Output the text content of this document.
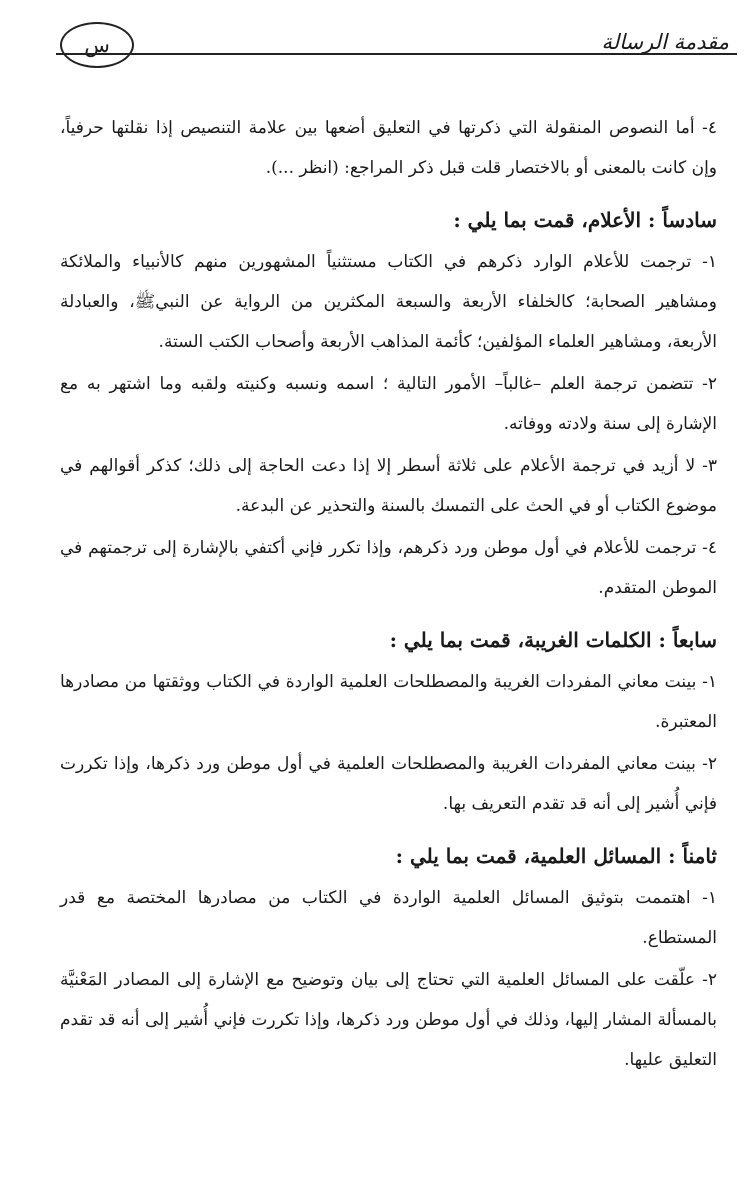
س	مقدمة الرسالة

٤- أما النصوص المنقولة التي ذكرتها في التعليق أضعها بين علامة التنصيص إذا نقلتها حرفياً، وإن كانت بالمعنى أو بالاختصار قلت قبل ذكر المراجع: (انظر ...).

سادساً : الأعلام، قمت بما يلي :

١- ترجمت للأعلام الوارد ذكرهم في الكتاب مستثنياً المشهورين منهم كالأنبياء والملائكة ومشاهير الصحابة؛ كالخلفاء الأربعة والسبعة المكثرين من الرواية عن النبيﷺ، والعبادلة الأربعة، ومشاهير العلماء المؤلفين؛ كأئمة المذاهب الأربعة وأصحاب الكتب الستة.

٢- تتضمن ترجمة العلم –غالباً– الأمور التالية ؛ اسمه ونسبه وكنيته ولقبه وما اشتهر به مع الإشارة إلى سنة ولادته ووفاته.

٣- لا أزيد في ترجمة الأعلام على ثلاثة أسطر إلا إذا دعت الحاجة إلى ذلك؛ كذكر أقوالهم في موضوع الكتاب أو في الحث على التمسك بالسنة والتحذير عن البدعة.

٤- ترجمت للأعلام في أول موطن ورد ذكرهم، وإذا تكرر فإني أكتفي بالإشارة إلى ترجمتهم في الموطن المتقدم.

سابعاً : الكلمات الغريبة، قمت بما يلي :

١- بينت معاني المفردات الغريبة والمصطلحات العلمية الواردة في الكتاب ووثقتها من مصادرها المعتبرة.

٢- بينت معاني المفردات الغريبة والمصطلحات العلمية في أول موطن ورد ذكرها، وإذا تكررت فإني أُشير إلى أنه قد تقدم التعريف بها.

ثامناً : المسائل العلمية، قمت بما يلي :

١- اهتممت بتوثيق المسائل العلمية الواردة في الكتاب من مصادرها المختصة مع قدر المستطاع.

٢- علّقت على المسائل العلمية التي تحتاج إلى بيان وتوضيح مع الإشارة إلى المصادر المَعْنيَّة بالمسألة المشار إليها، وذلك في أول موطن ورد ذكرها، وإذا تكررت فإني أُشير إلى أنه قد تقدم التعليق عليها.
